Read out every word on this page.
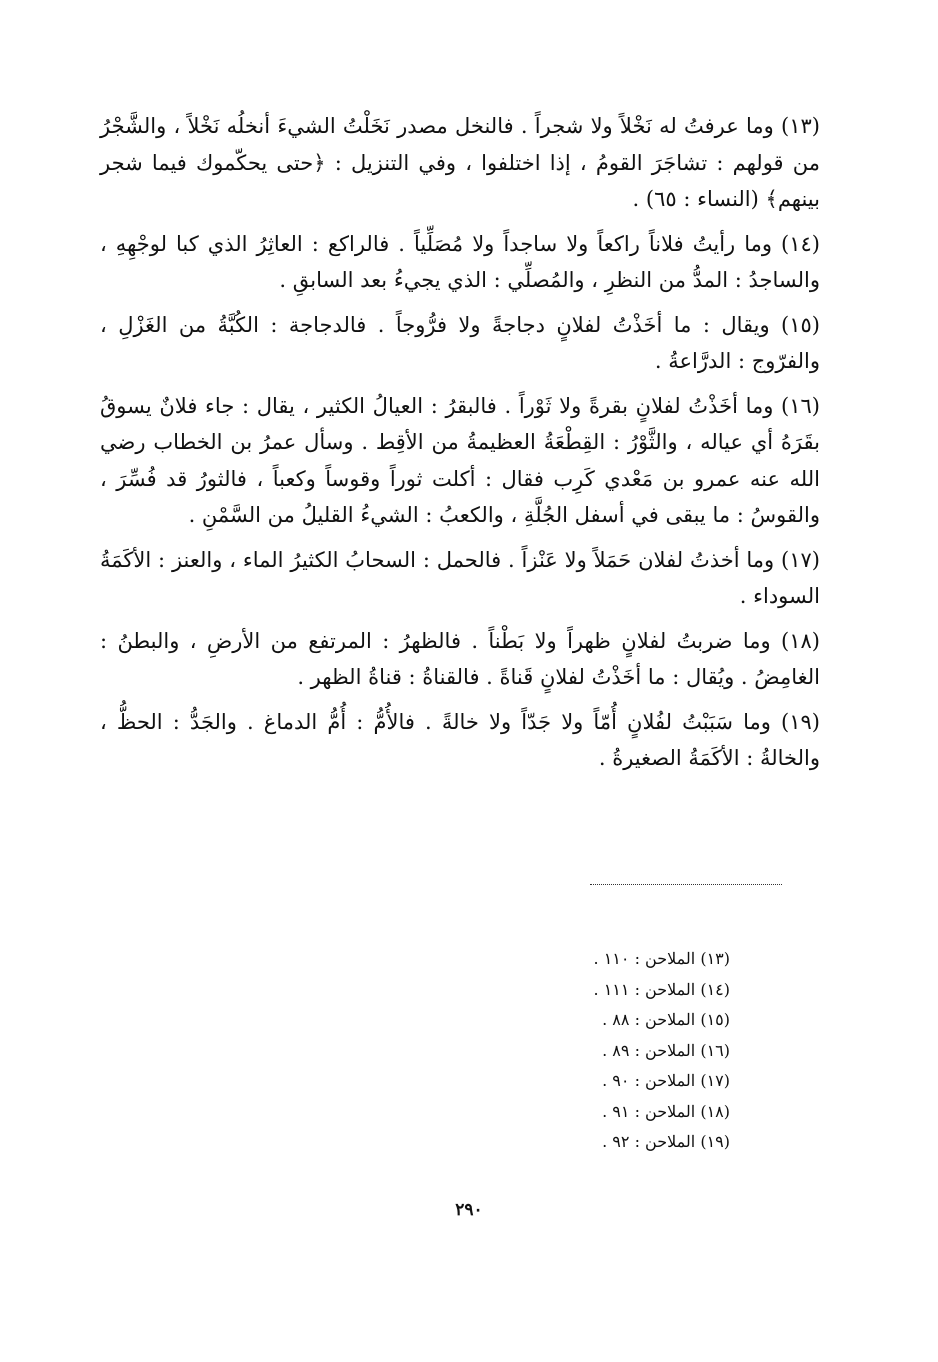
(١٣) وما عرفتُ له نَخْلاً ولا شجراً . فالنخل مصدر نَخَلْتُ الشيءَ أنخلُه نَخْلاً ، والشَّجْرُ من قولهم : تشاجَرَ القومُ ، إذا اختلفوا ، وفي التنزيل : ﴿حتى يحكّموك فيما شجر بينهم﴾ (النساء : ٦٥) .

(١٤) وما رأيتُ فلاناً راكعاً ولا ساجداً ولا مُصَلِّياً . فالراكع : العاثِرُ الذي كبا لوجْهِهِ ، والساجدُ : المدُّ من النظرِ ، والمُصلِّي : الذي يجيءُ بعد السابقِ .

(١٥) ويقال : ما أخَذْتُ لفلانٍ دجاجةً ولا فرُّوجاً . فالدجاجة : الكُبَّةُ من الغَزْلِ ، والفرّوج : الدرَّاعةُ .

(١٦) وما أخَذْتُ لفلانٍ بقرةً ولا ثَوْراً . فالبقرُ : العيالُ الكثير ، يقال : جاء فلانٌ يسوقُ بقَرَهُ أي عياله ، والثَّوْرُ : القِطْعَةُ العظيمةُ من الأقِط . وسأل عمرُ بن الخطاب رضي الله عنه عمرو بن مَعْدي كَرِب فقال : أكلت ثوراً وقوساً وكعباً ، فالثورُ قد فُسِّرَ ، والقوسُ : ما يبقى في أسفل الجُلَّةِ ، والكعبُ : الشيءُ القليلُ من السَّمْنِ .

(١٧) وما أخذتُ لفلان حَمَلاً ولا عَنْزاً . فالحمل : السحابُ الكثيرُ الماء ، والعنز : الأكَمَةُ السوداء .

(١٨) وما ضربتُ لفلانٍ ظهراً ولا بَطْناً . فالظهرُ : المرتفع من الأرضِ ، والبطنُ : الغامِضُ . ويُقال : ما أخَذْتُ لفلانٍ قَناةً . فالقناةُ : قناةُ الظهر .

(١٩) وما سَبَبْتُ لفُلانٍ أُمّاً ولا جَدّاً ولا خالةً . فالأُمُّ : أُمُّ الدماغ . والجَدُّ : الحظُّ ، والخالةُ : الأكَمَةُ الصغيرةُ .

(١٣) الملاحن : ١١٠ .
(١٤) الملاحن : ١١١ .
(١٥) الملاحن : ٨٨ .
(١٦) الملاحن : ٨٩ .
(١٧) الملاحن : ٩٠ .
(١٨) الملاحن : ٩١ .
(١٩) الملاحن : ٩٢ .
٢٩٠
